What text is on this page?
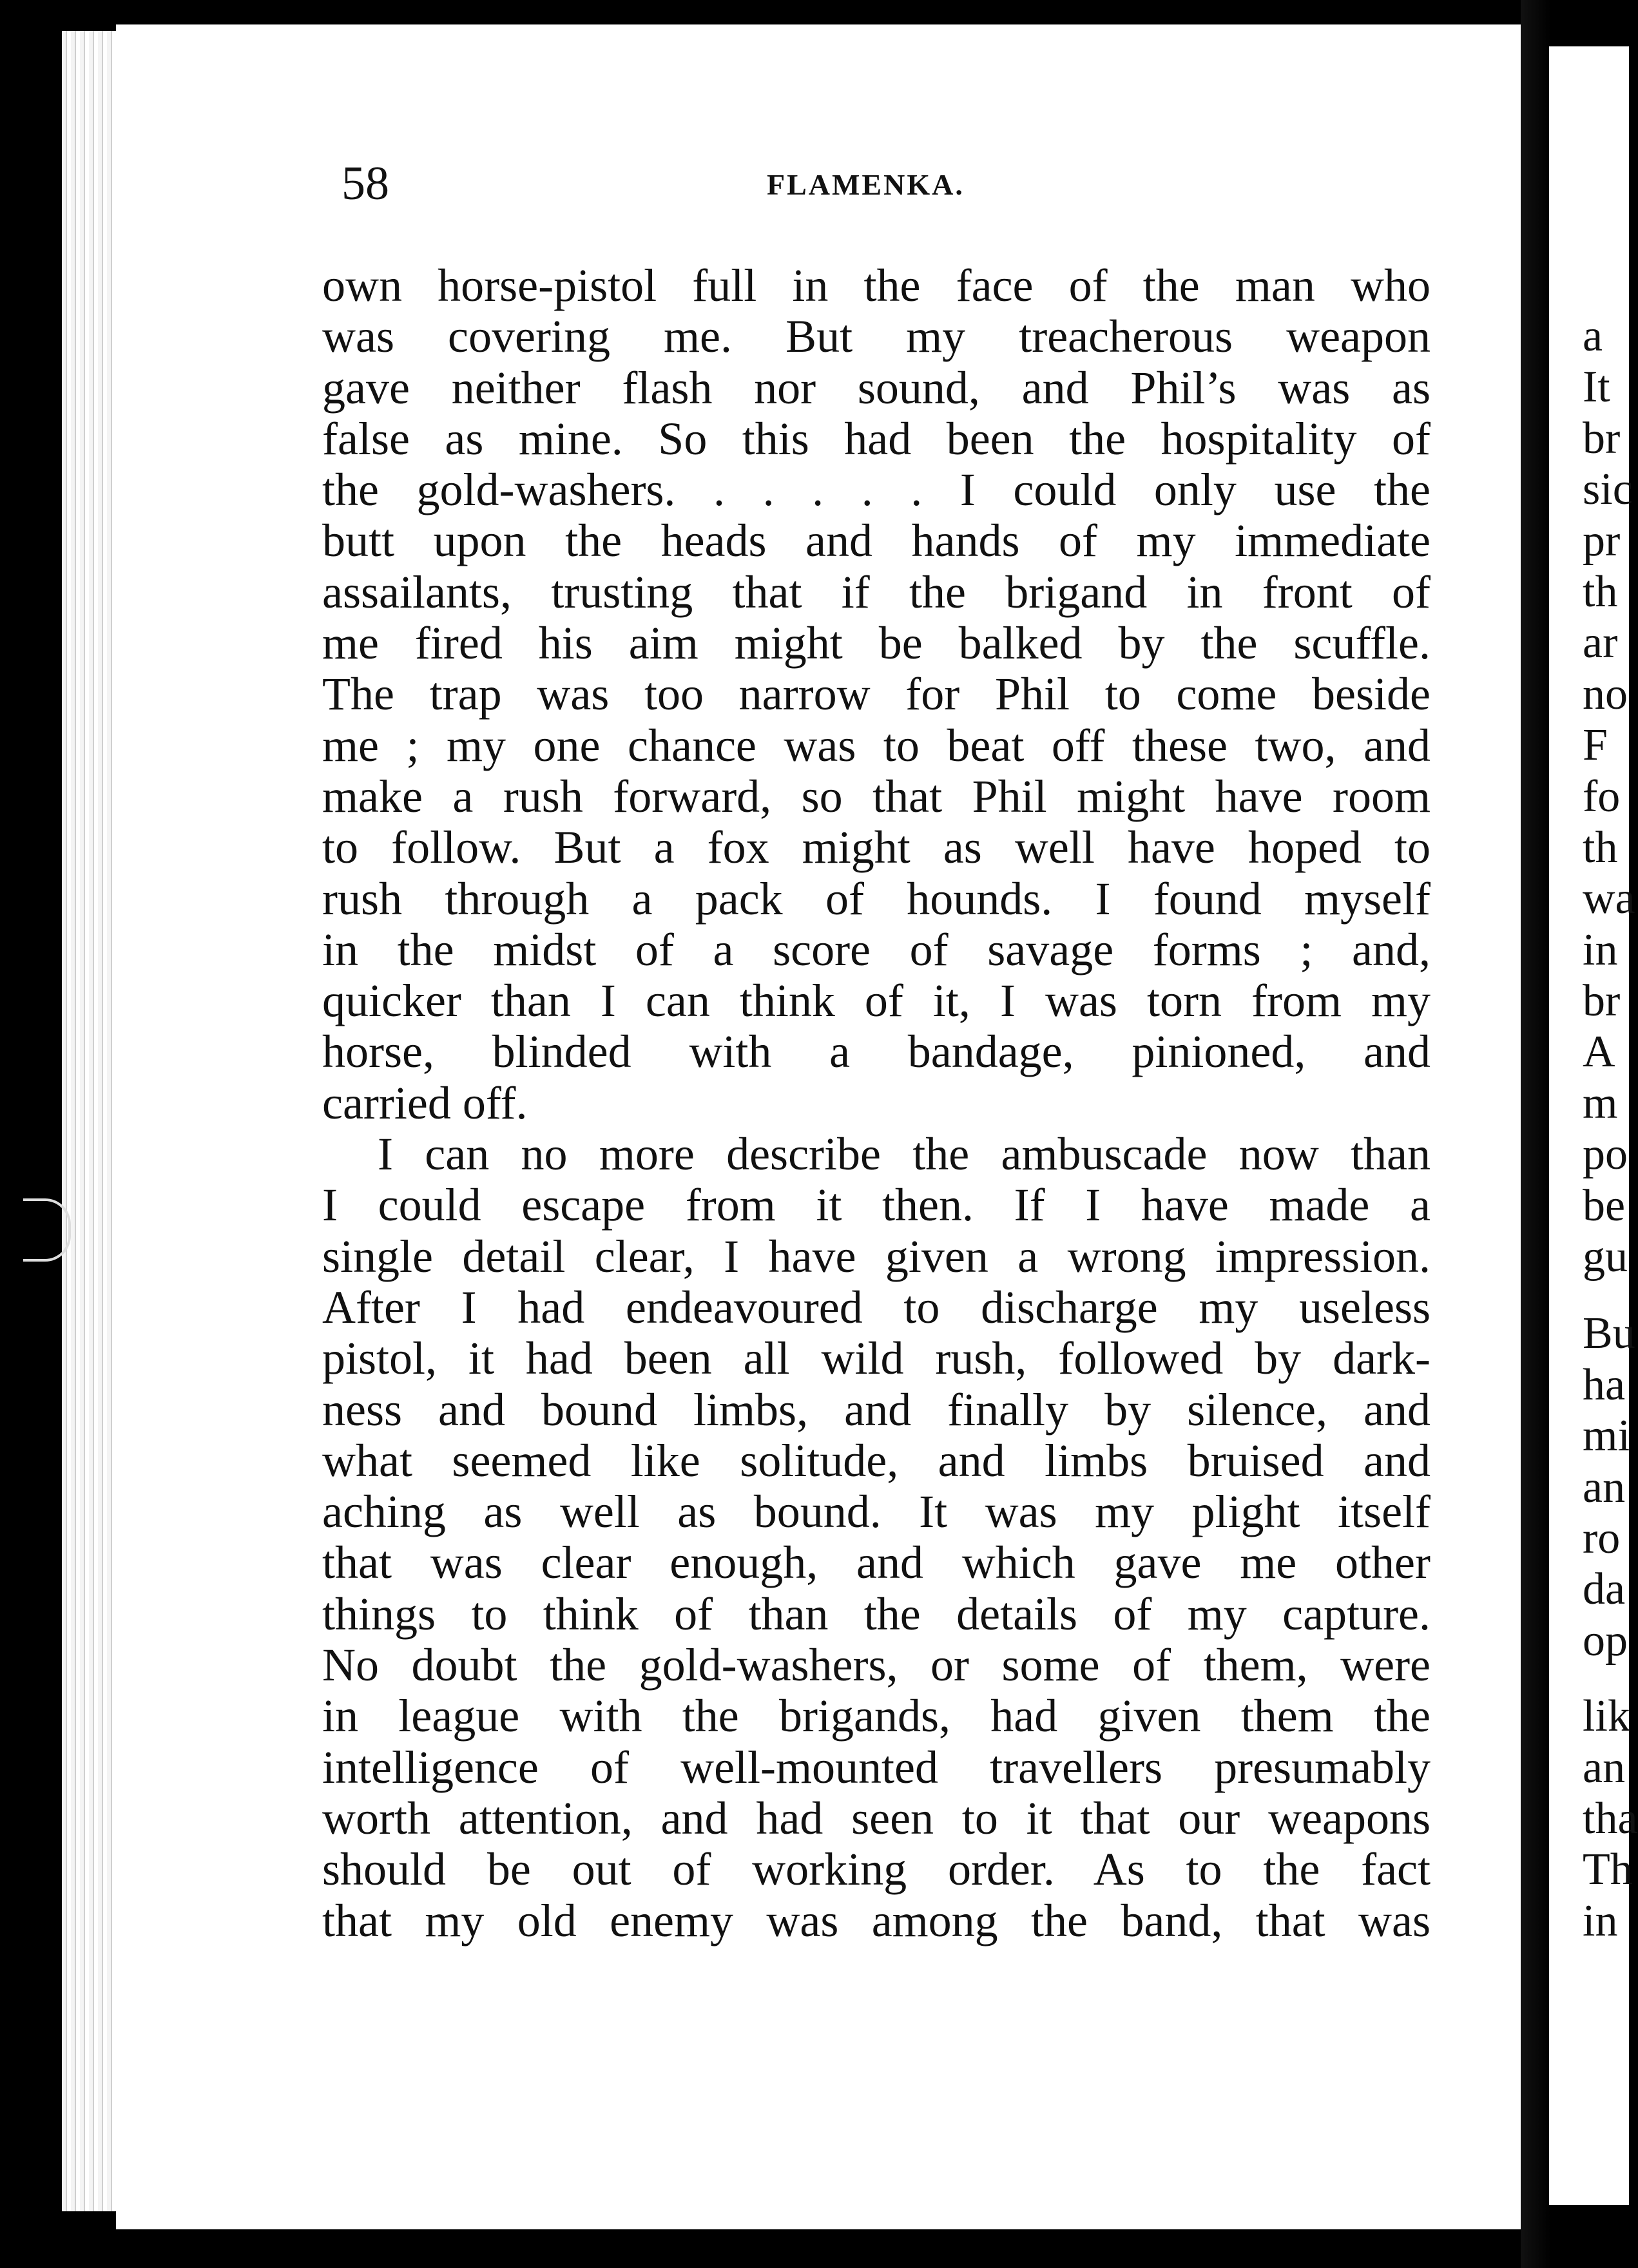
58	FLAMENKA.
own horse-pistol full in the face of the man who
was covering me. But my treacherous weapon
gave neither flash nor sound, and Phil’s was as
false as mine. So this had been the hospitality of
the gold-washers. . . . . . I could only use the
butt upon the heads and hands of my immediate
assailants, trusting that if the brigand in front of
me fired his aim might be balked by the scuffle.
The trap was too narrow for Phil to come beside
me ; my one chance was to beat off these two, and
make a rush forward, so that Phil might have room
to follow. But a fox might as well have hoped to
rush through a pack of hounds. I found myself
in the midst of a score of savage forms ; and,
quicker than I can think of it, I was torn from my
horse, blinded with a bandage, pinioned, and
carried off.
I can no more describe the ambuscade now than
I could escape from it then. If I have made a
single detail clear, I have given a wrong impression.
After I had endeavoured to discharge my useless
pistol, it had been all wild rush, followed by dark-
ness and bound limbs, and finally by silence, and
what seemed like solitude, and limbs bruised and
aching as well as bound. It was my plight itself
that was clear enough, and which gave me other
things to think of than the details of my capture.
No doubt the gold-washers, or some of them, were
in league with the brigands, had given them the
intelligence of well-mounted travellers presumably
worth attention, and had seen to it that our weapons
should be out of working order. As to the fact
that my old enemy was among the band, that was
a
It
br
sic
pr
th
ar
no
F
fo
th
wa
in
br
A
m
po
be
gu
Bu
ha
mi
an
ro
da
op
lik
an
tha
Th
in
